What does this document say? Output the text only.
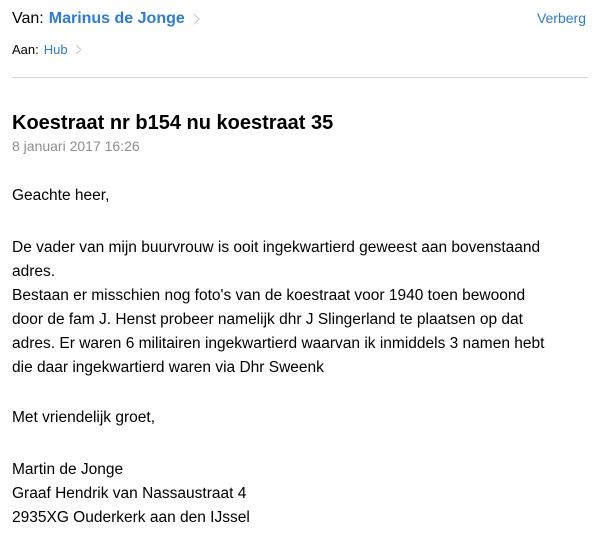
Van: Marinus de Jonge	Verberg
Aan: Hub
Koestraat nr b154 nu koestraat 35
8 januari 2017 16:26
Geachte heer,
De vader van mijn buurvrouw is ooit ingekwartierd geweest aan bovenstaand
adres.
Bestaan er misschien nog foto's van de koestraat voor 1940 toen bewoond
door de fam J. Henst probeer namelijk dhr J Slingerland te plaatsen op dat
adres. Er waren 6 militairen ingekwartierd waarvan ik inmiddels 3 namen hebt
die daar ingekwartierd waren via Dhr Sweenk
Met vriendelijk groet,
Martin de Jonge
Graaf Hendrik van Nassaustraat 4
2935XG Ouderkerk aan den IJssel
